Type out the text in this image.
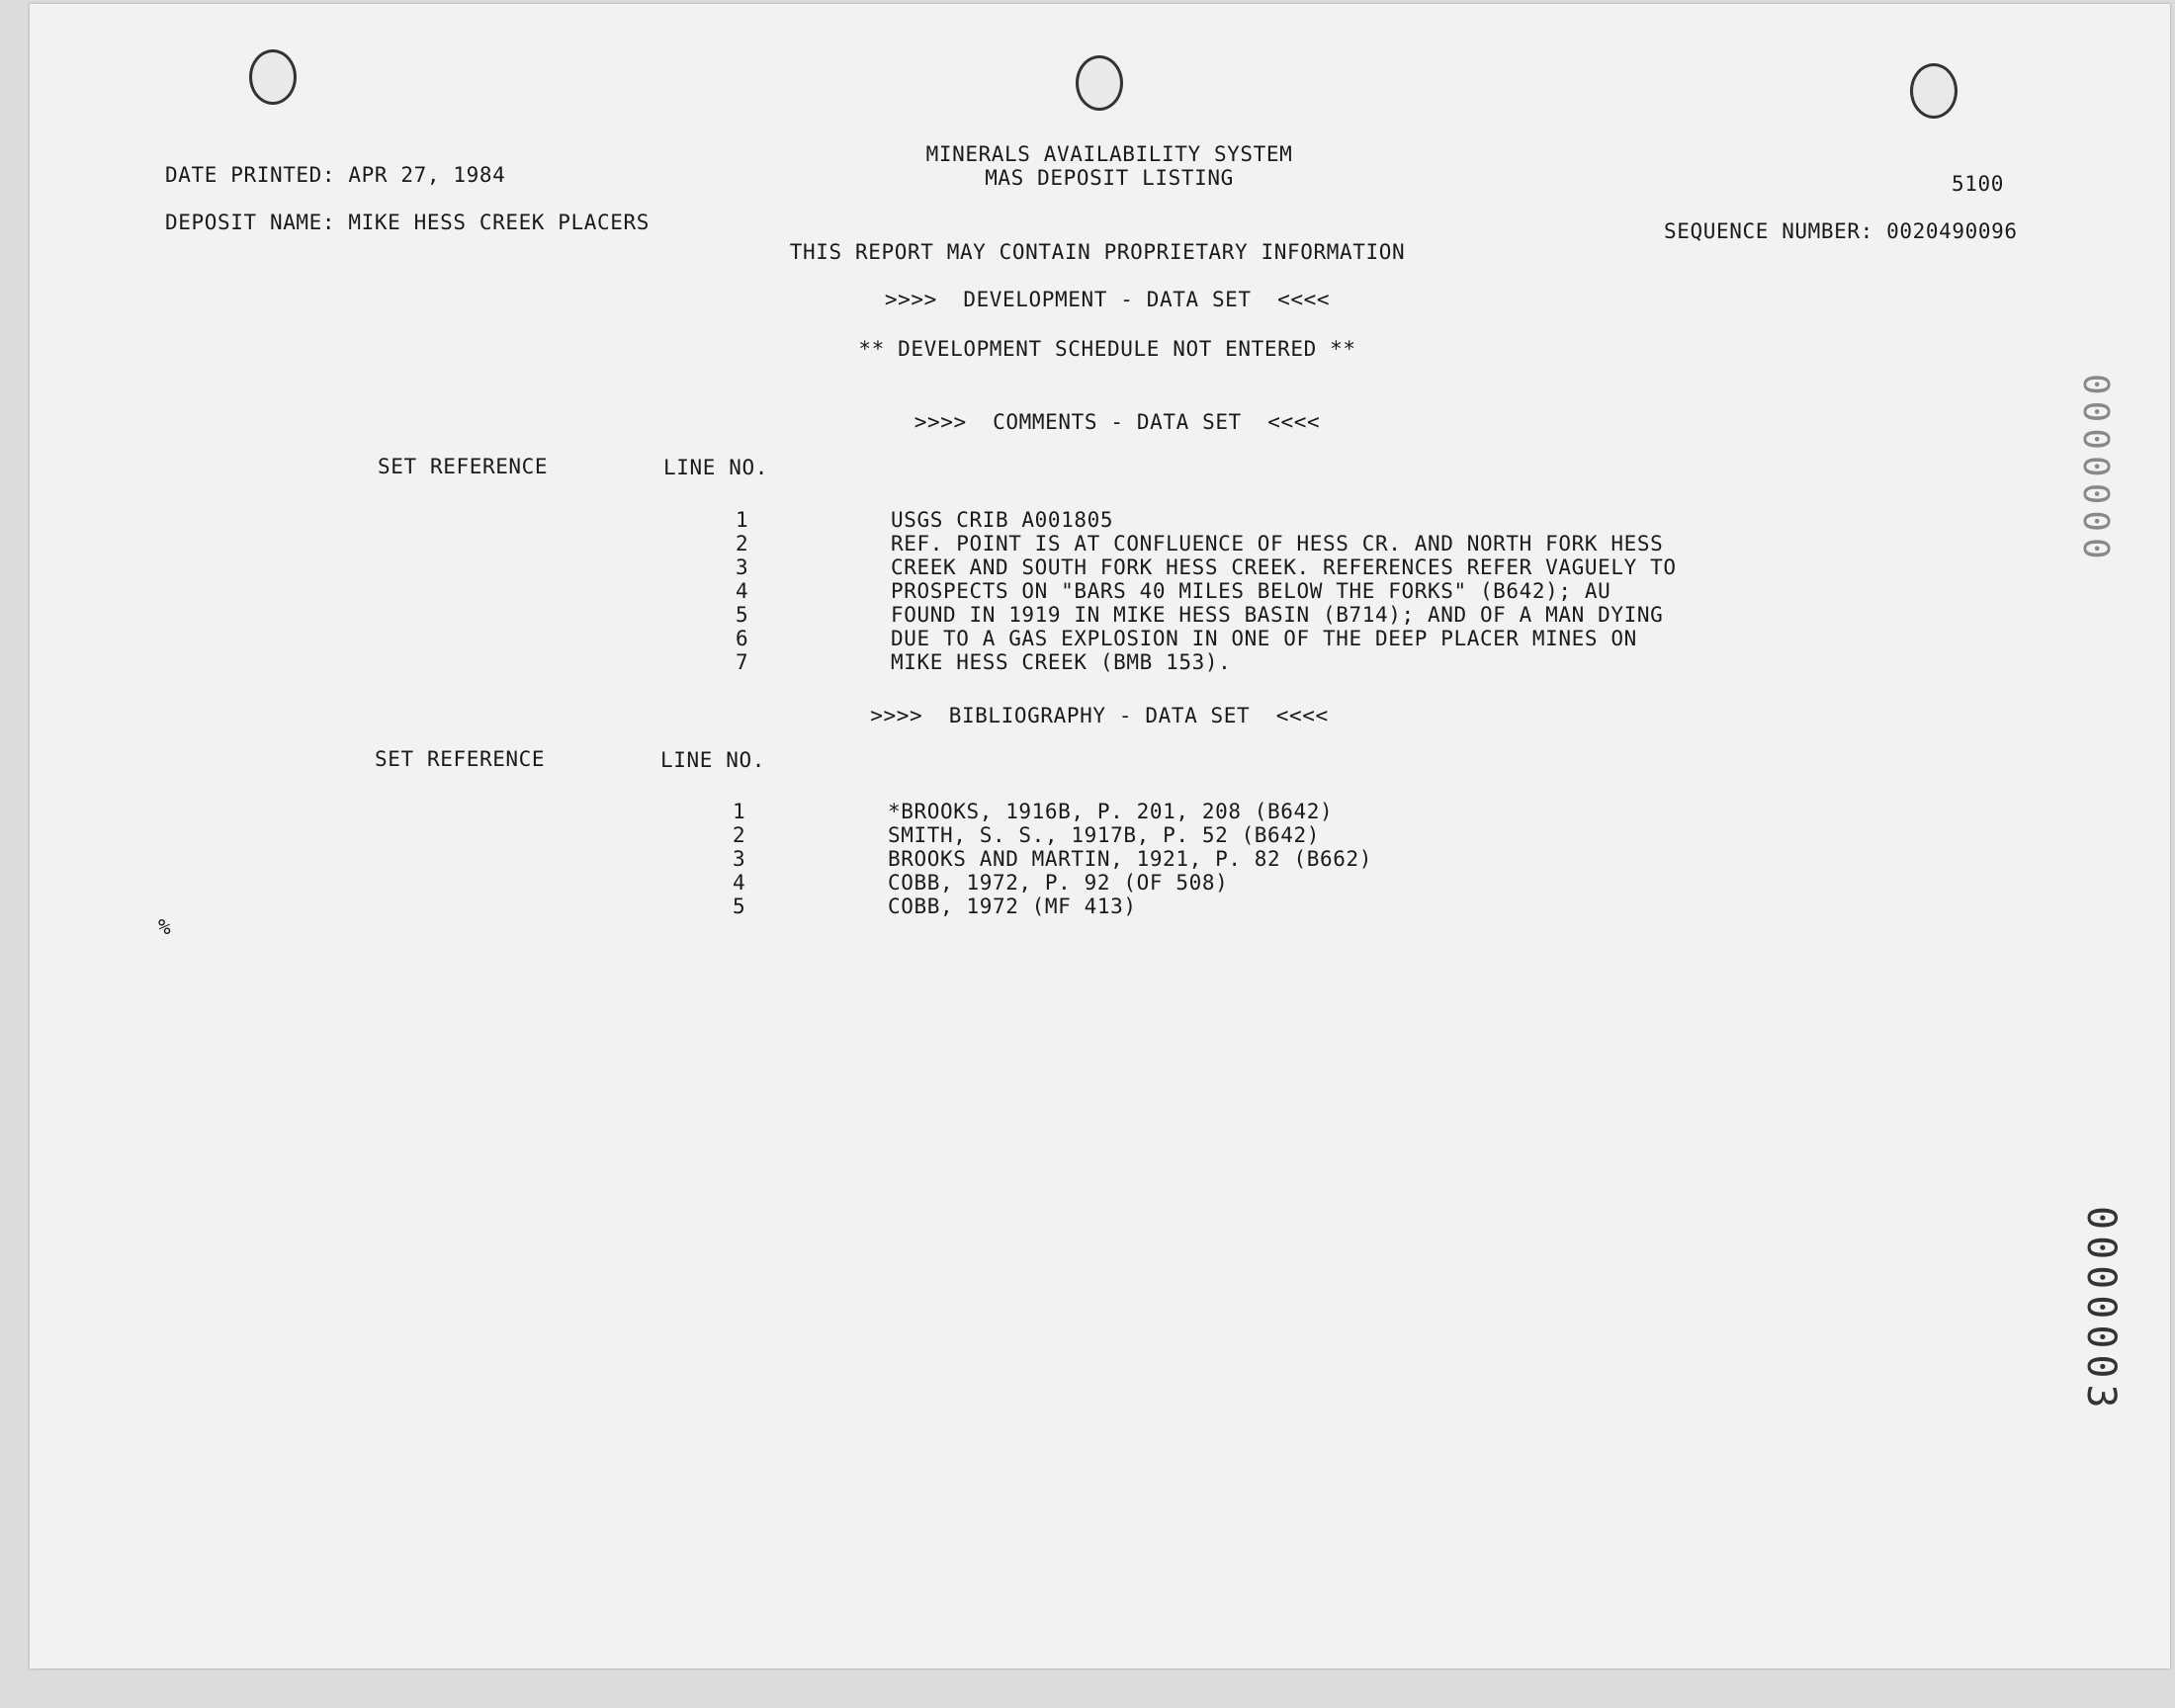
MINERALS AVAILABILITY SYSTEM
MAS DEPOSIT LISTING
DATE PRINTED: APR 27, 1984
DEPOSIT NAME: MIKE HESS CREEK PLACERS
5100
SEQUENCE NUMBER: 0020490096
THIS REPORT MAY CONTAIN PROPRIETARY INFORMATION
>>>>  DEVELOPMENT - DATA SET  <<<<
** DEVELOPMENT SCHEDULE NOT ENTERED **
>>>>  COMMENTS - DATA SET  <<<<
SET REFERENCE	LINE NO.
1	USGS CRIB A001805
2	REF. POINT IS AT CONFLUENCE OF HESS CR. AND NORTH FORK HESS
3	CREEK AND SOUTH FORK HESS CREEK. REFERENCES REFER VAGUELY TO
4	PROSPECTS ON "BARS 40 MILES BELOW THE FORKS" (B642); AU
5	FOUND IN 1919 IN MIKE HESS BASIN (B714); AND OF A MAN DYING
6	DUE TO A GAS EXPLOSION IN ONE OF THE DEEP PLACER MINES ON
7	MIKE HESS CREEK (BMB 153).
>>>>  BIBLIOGRAPHY - DATA SET  <<<<
SET REFERENCE	LINE NO.
1	*BROOKS, 1916B, P. 201, 208 (B642)
2	SMITH, S. S., 1917B, P. 52 (B642)
3	BROOKS AND MARTIN, 1921, P. 82 (B662)
4	COBB, 1972, P. 92 (OF 508)
5	COBB, 1972 (MF 413)
%
0000000
0000003
